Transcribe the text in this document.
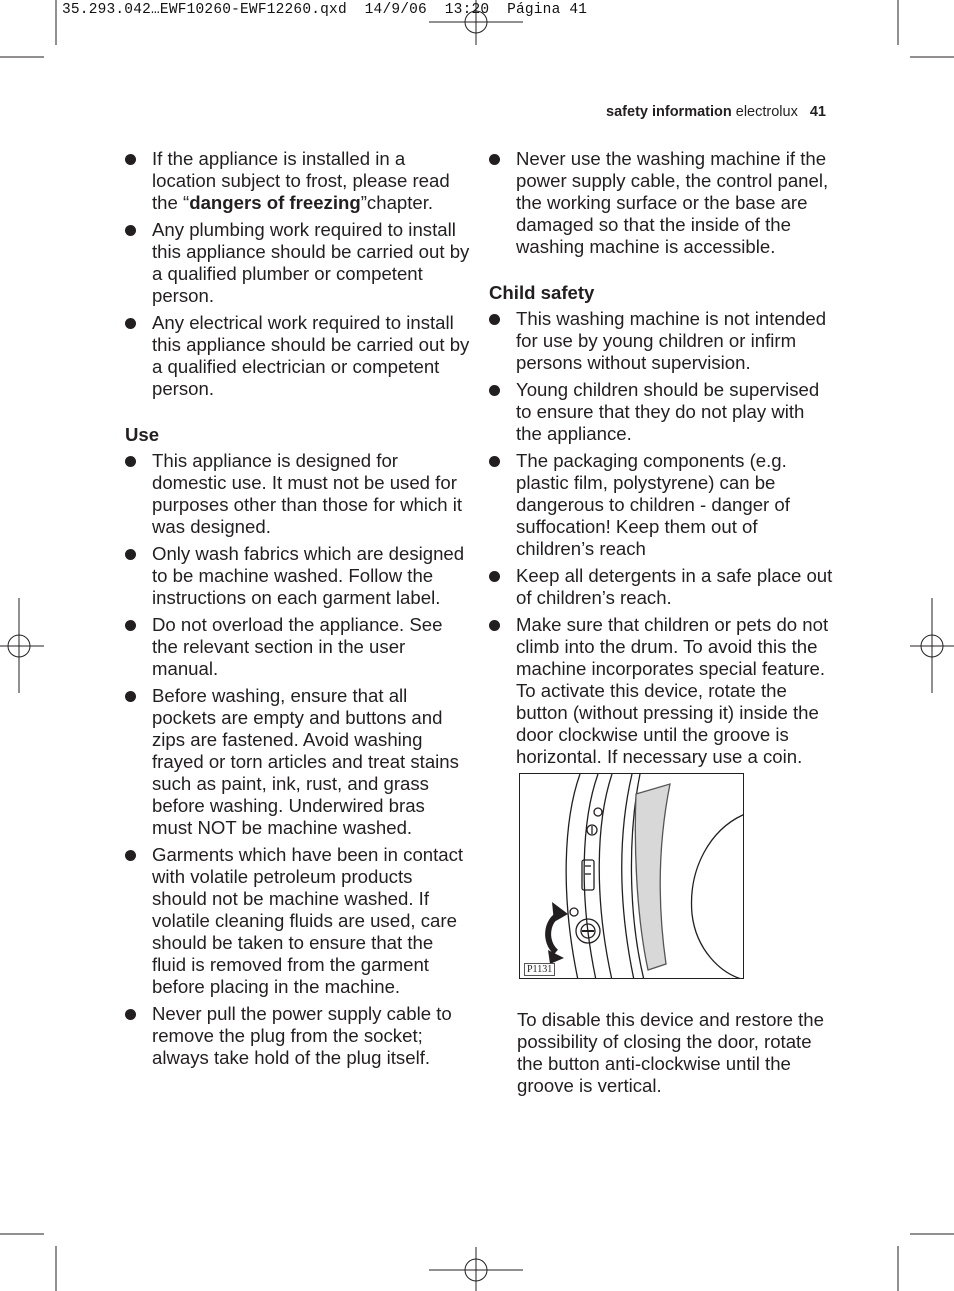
35.293.042…EWF10260-EWF12260.qxd  14/9/06  13:20  Página 41
safety information electrolux 41
If the appliance is installed in a location subject to frost, please read the “dangers of freezing”chapter.
Any plumbing work required to install this appliance should be carried out by a qualified plumber or competent person.
Any electrical work required to install this appliance should be carried out by a qualified electrician or competent person.
Use
This appliance is designed for domestic use. It must not be used for purposes other than those for which it was designed.
Only wash fabrics which are designed to be machine washed. Follow the instructions on each garment label.
Do not overload the appliance. See the relevant section in the user manual.
Before washing, ensure that all pockets are empty and buttons and zips are fastened. Avoid washing frayed or torn articles and treat stains such as paint, ink, rust, and grass before washing. Underwired bras must NOT be machine washed.
Garments which have been in contact with volatile petroleum products should not be machine washed. If volatile cleaning fluids are used, care should be taken to ensure that the fluid is removed from the garment before placing in the machine.
Never pull the power supply cable to remove the plug from the socket; always take hold of the plug itself.
Never use the washing machine if the power supply cable, the control panel, the working surface or the base are damaged so that the inside of the washing machine is accessible.
Child safety
This washing machine is not intended for use by young children or infirm persons without supervision.
Young children should be supervised to ensure that they do not play with the appliance.
The packaging components (e.g. plastic film, polystyrene) can be dangerous to children - danger of suffocation! Keep them out of children’s reach
Keep all detergents in a safe place out of children’s reach.
Make sure that children or pets do not climb into the drum. To avoid this the machine incorporates special feature. To activate this device, rotate the button (without pressing it) inside the door clockwise until the groove is horizontal. If necessary use a coin.
P1131
To disable this device and restore the possibility of closing the door, rotate the button anti-clockwise until the groove is vertical.
